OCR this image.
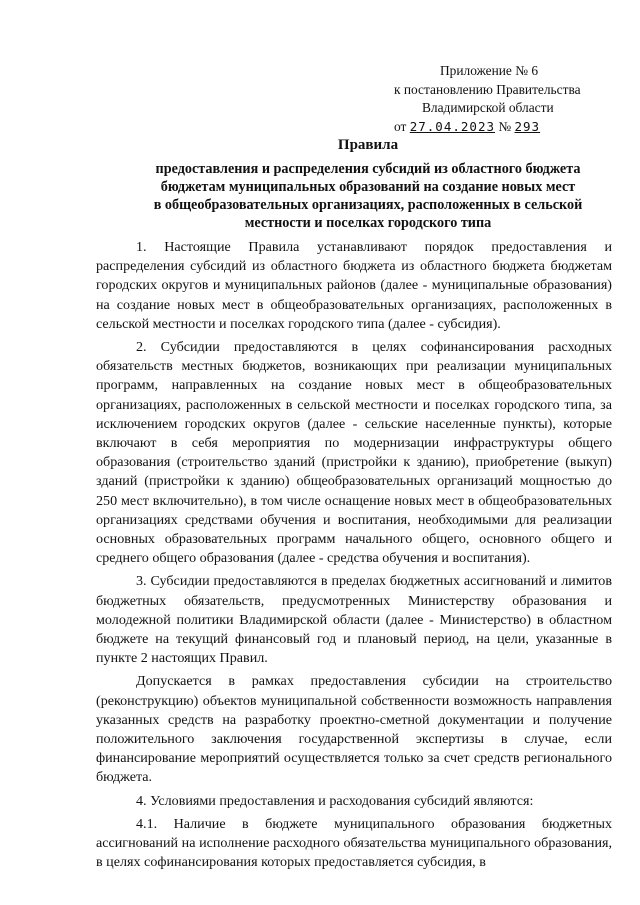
Приложение № 6
к постановлению Правительства
Владимирской области
от 27.04.2023 № 293
Правила
предоставления и распределения субсидий из областного бюджета
бюджетам муниципальных образований на создание новых мест
в общеобразовательных организациях, расположенных в сельской
местности и поселках городского типа

1. Настоящие Правила устанавливают порядок предоставления и распределения субсидий из областного бюджета из областного бюджета бюджетам городских округов и муниципальных районов (далее - муниципальные образования) на создание новых мест в общеобразовательных организациях, расположенных в сельской местности и поселках городского типа (далее - субсидия).

2. Субсидии предоставляются в целях софинансирования расходных обязательств местных бюджетов, возникающих при реализации муниципальных программ, направленных на создание новых мест в общеобразовательных организациях, расположенных в сельской местности и поселках городского типа, за исключением городских округов (далее - сельские населенные пункты), которые включают в себя мероприятия по модернизации инфраструктуры общего образования (строительство зданий (пристройки к зданию), приобретение (выкуп) зданий (пристройки к зданию) общеобразовательных организаций мощностью до 250 мест включительно), в том числе оснащение новых мест в общеобразовательных организациях средствами обучения и воспитания, необходимыми для реализации основных образовательных программ начального общего, основного общего и среднего общего образования (далее - средства обучения и воспитания).

3. Субсидии предоставляются в пределах бюджетных ассигнований и лимитов бюджетных обязательств, предусмотренных Министерству образования и молодежной политики Владимирской области (далее - Министерство) в областном бюджете на текущий финансовый год и плановый период, на цели, указанные в пункте 2 настоящих Правил.

Допускается в рамках предоставления субсидии на строительство (реконструкцию) объектов муниципальной собственности возможность направления указанных средств на разработку проектно-сметной документации и получение положительного заключения государственной экспертизы в случае, если финансирование мероприятий осуществляется только за счет средств регионального бюджета.

4. Условиями предоставления и расходования субсидий являются:

4.1. Наличие в бюджете муниципального образования бюджетных ассигнований на исполнение расходного обязательства муниципального образования, в целях софинансирования которых предоставляется субсидия, в
